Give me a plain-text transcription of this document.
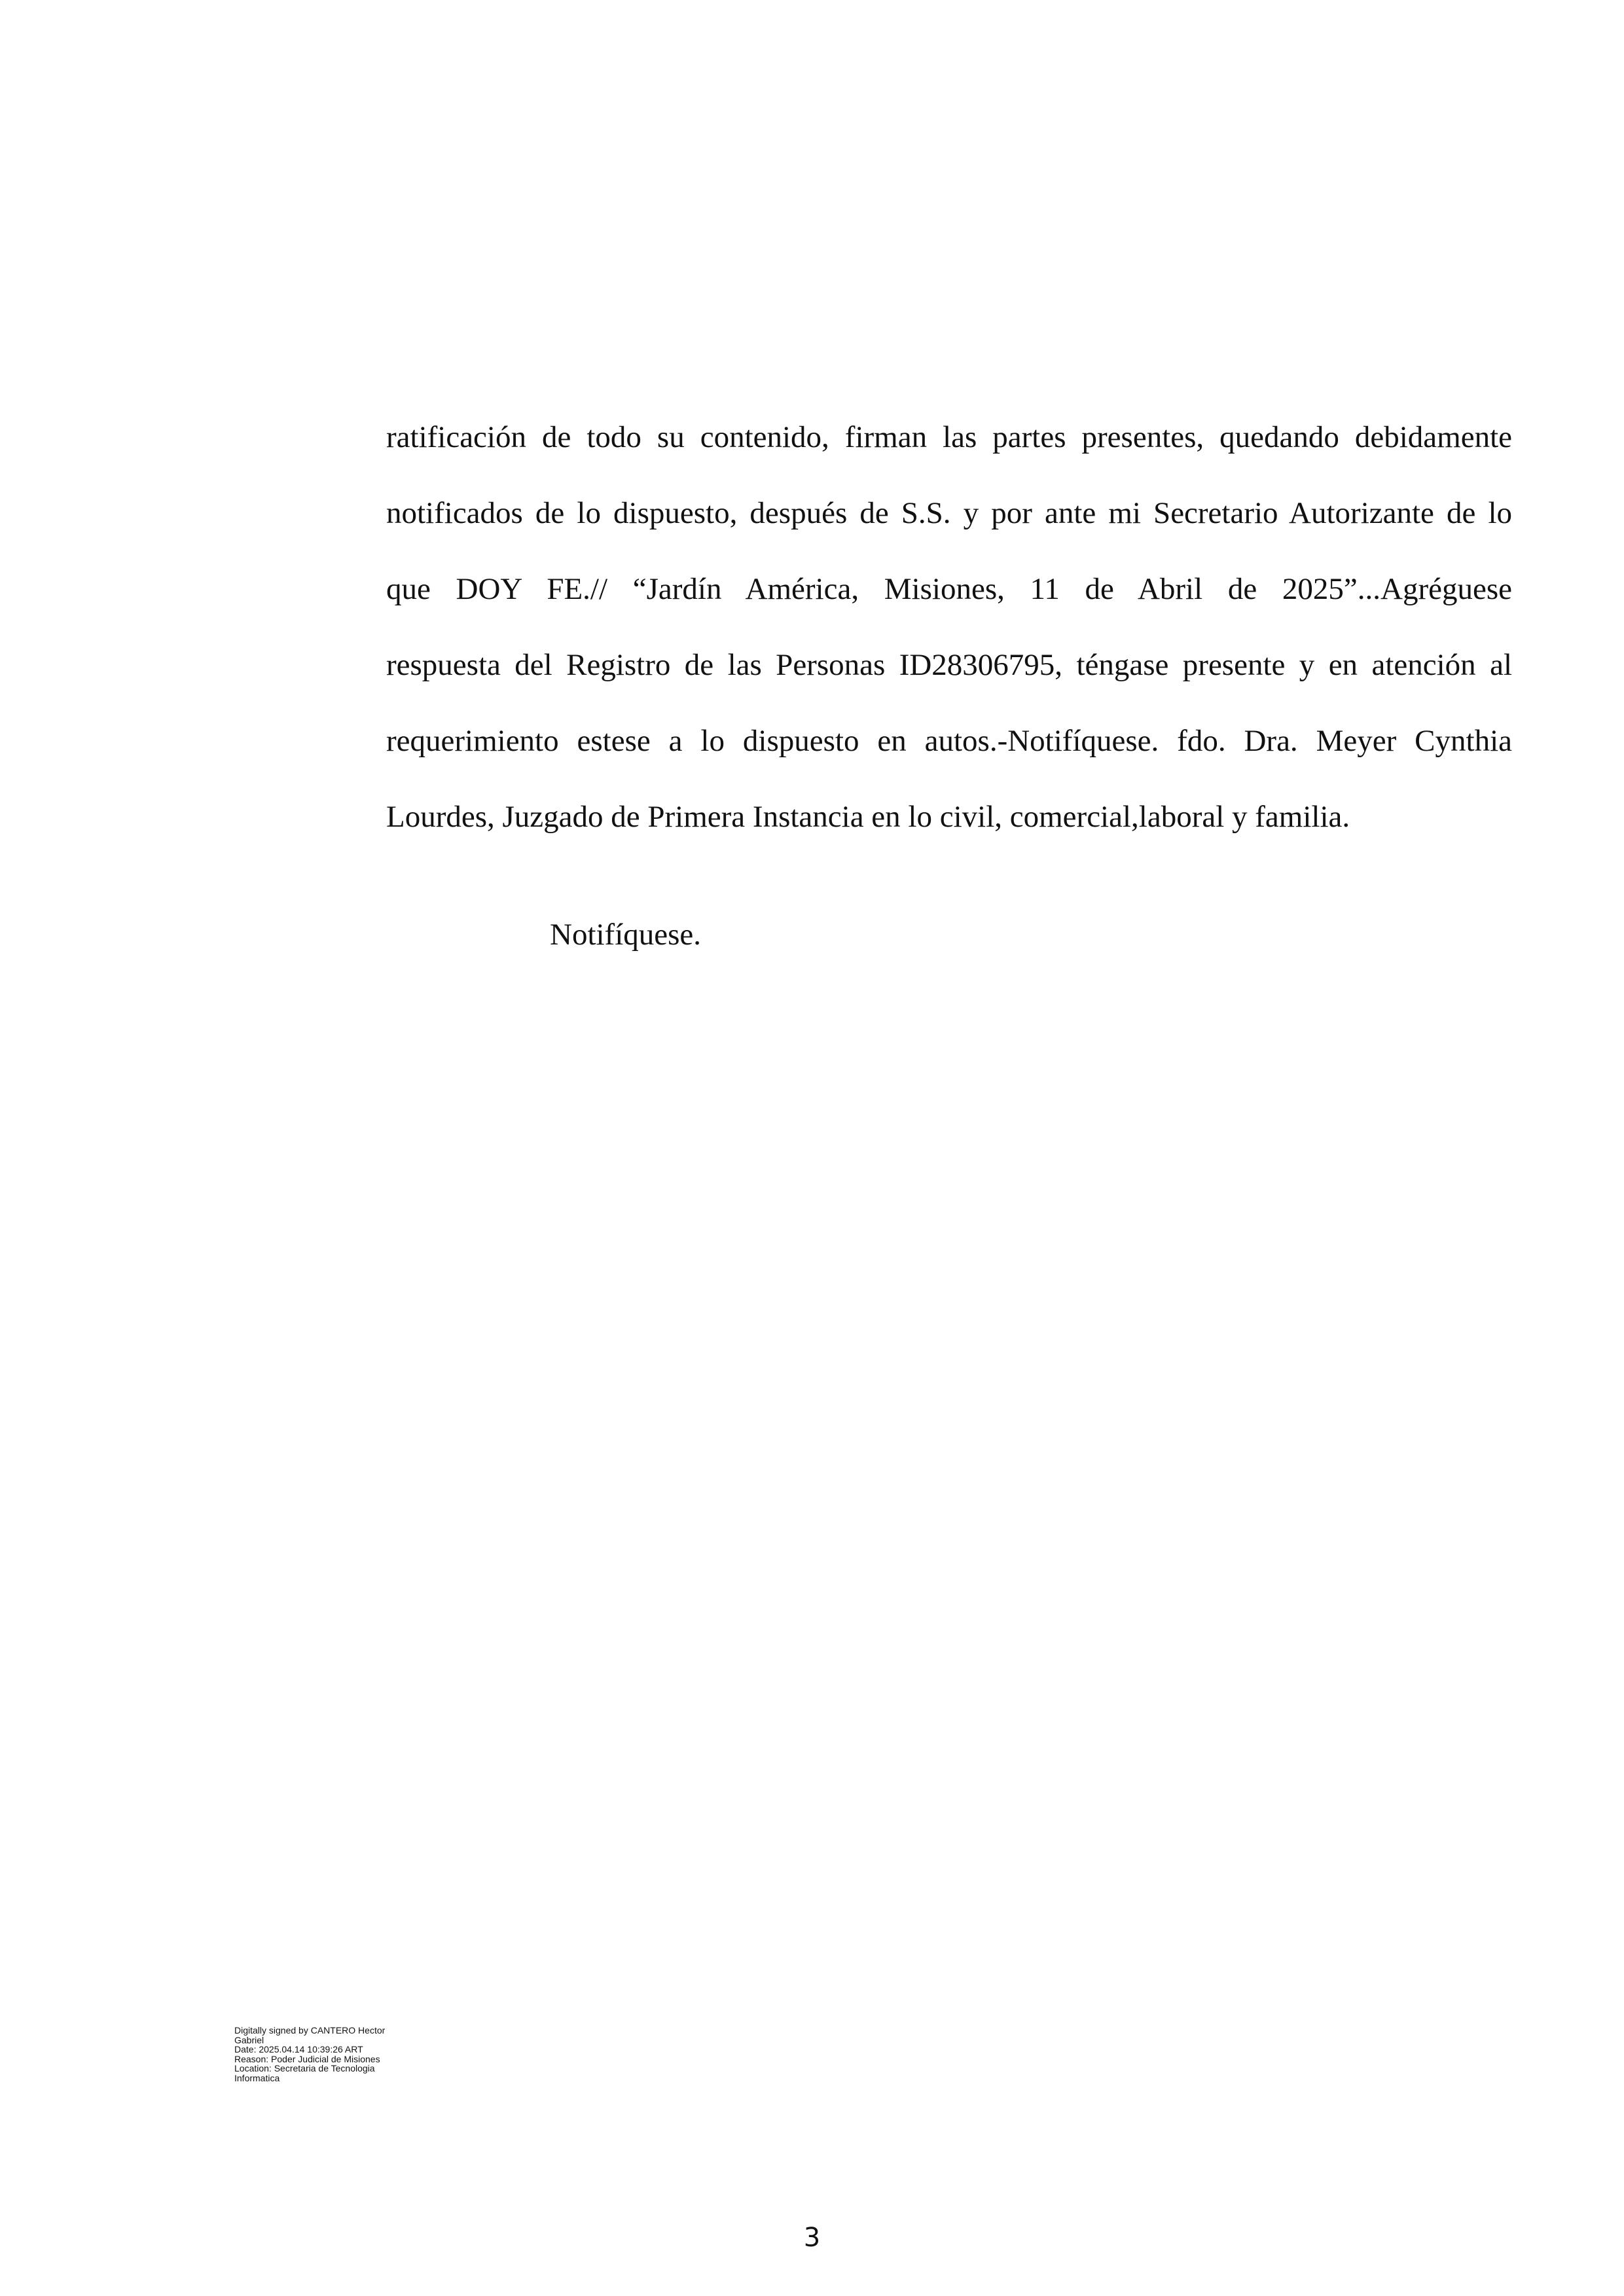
ratificación de todo su contenido, firman las partes presentes, quedando debidamente
notificados de lo dispuesto, después de S.S. y por ante mi Secretario Autorizante de lo
que DOY FE.// “Jardín América, Misiones, 11 de Abril de 2025”...Agréguese
respuesta del Registro de las Personas ID28306795, téngase presente y en atención al
requerimiento estese a lo dispuesto en autos.-Notifíquese. fdo. Dra. Meyer Cynthia
Lourdes, Juzgado de Primera Instancia en lo civil, comercial,laboral y familia.

Notifíquese.

Digitally signed by CANTERO Hector
Gabriel
Date: 2025.04.14 10:39:26 ART
Reason: Poder Judicial de Misiones
Location: Secretaria de Tecnologia
Informatica
3
